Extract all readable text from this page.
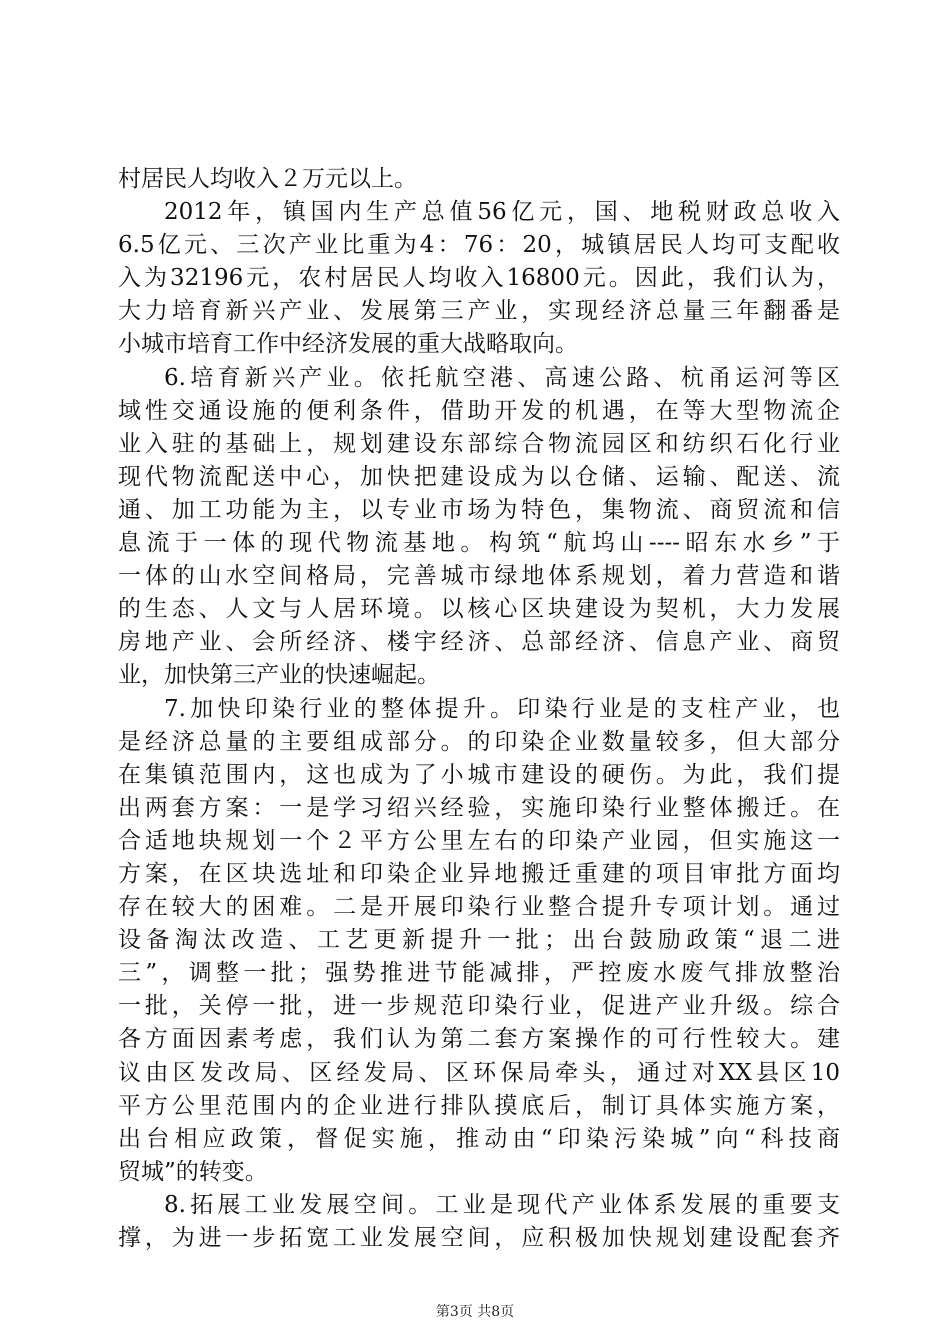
村居民人均收入２万元以上。
2012年，镇国内生产总值56亿元，国、地税财政总收入
6.5亿元、三次产业比重为4：76：20，城镇居民人均可支配收
入为32196元，农村居民人均收入16800元。因此，我们认为，
大力培育新兴产业、发展第三产业，实现经济总量三年翻番是
小城市培育工作中经济发展的重大战略取向。
6.培育新兴产业。依托航空港、高速公路、杭甬运河等区
域性交通设施的便利条件，借助开发的机遇，在等大型物流企
业入驻的基础上，规划建设东部综合物流园区和纺织石化行业
现代物流配送中心，加快把建设成为以仓储、运输、配送、流
通、加工功能为主，以专业市场为特色，集物流、商贸流和信
息流于一体的现代物流基地。构筑“航坞山----昭东水乡”于
一体的山水空间格局，完善城市绿地体系规划，着力营造和谐
的生态、人文与人居环境。以核心区块建设为契机，大力发展
房地产业、会所经济、楼宇经济、总部经济、信息产业、商贸
业，加快第三产业的快速崛起。
7.加快印染行业的整体提升。印染行业是的支柱产业，也
是经济总量的主要组成部分。的印染企业数量较多，但大部分
在集镇范围内，这也成为了小城市建设的硬伤。为此，我们提
出两套方案：一是学习绍兴经验，实施印染行业整体搬迁。在
合适地块规划一个２平方公里左右的印染产业园，但实施这一
方案，在区块选址和印染企业异地搬迁重建的项目审批方面均
存在较大的困难。二是开展印染行业整合提升专项计划。通过
设备淘汰改造、工艺更新提升一批；出台鼓励政策“退二进
三”，调整一批；强势推进节能减排，严控废水废气排放整治
一批，关停一批，进一步规范印染行业，促进产业升级。综合
各方面因素考虑，我们认为第二套方案操作的可行性较大。建
议由区发改局、区经发局、区环保局牵头，通过对XX县区10
平方公里范围内的企业进行排队摸底后，制订具体实施方案，
出台相应政策，督促实施，推动由“印染污染城”向“科技商
贸城”的转变。
8.拓展工业发展空间。工业是现代产业体系发展的重要支
撑，为进一步拓宽工业发展空间，应积极加快规划建设配套齐
第3页 共8页
